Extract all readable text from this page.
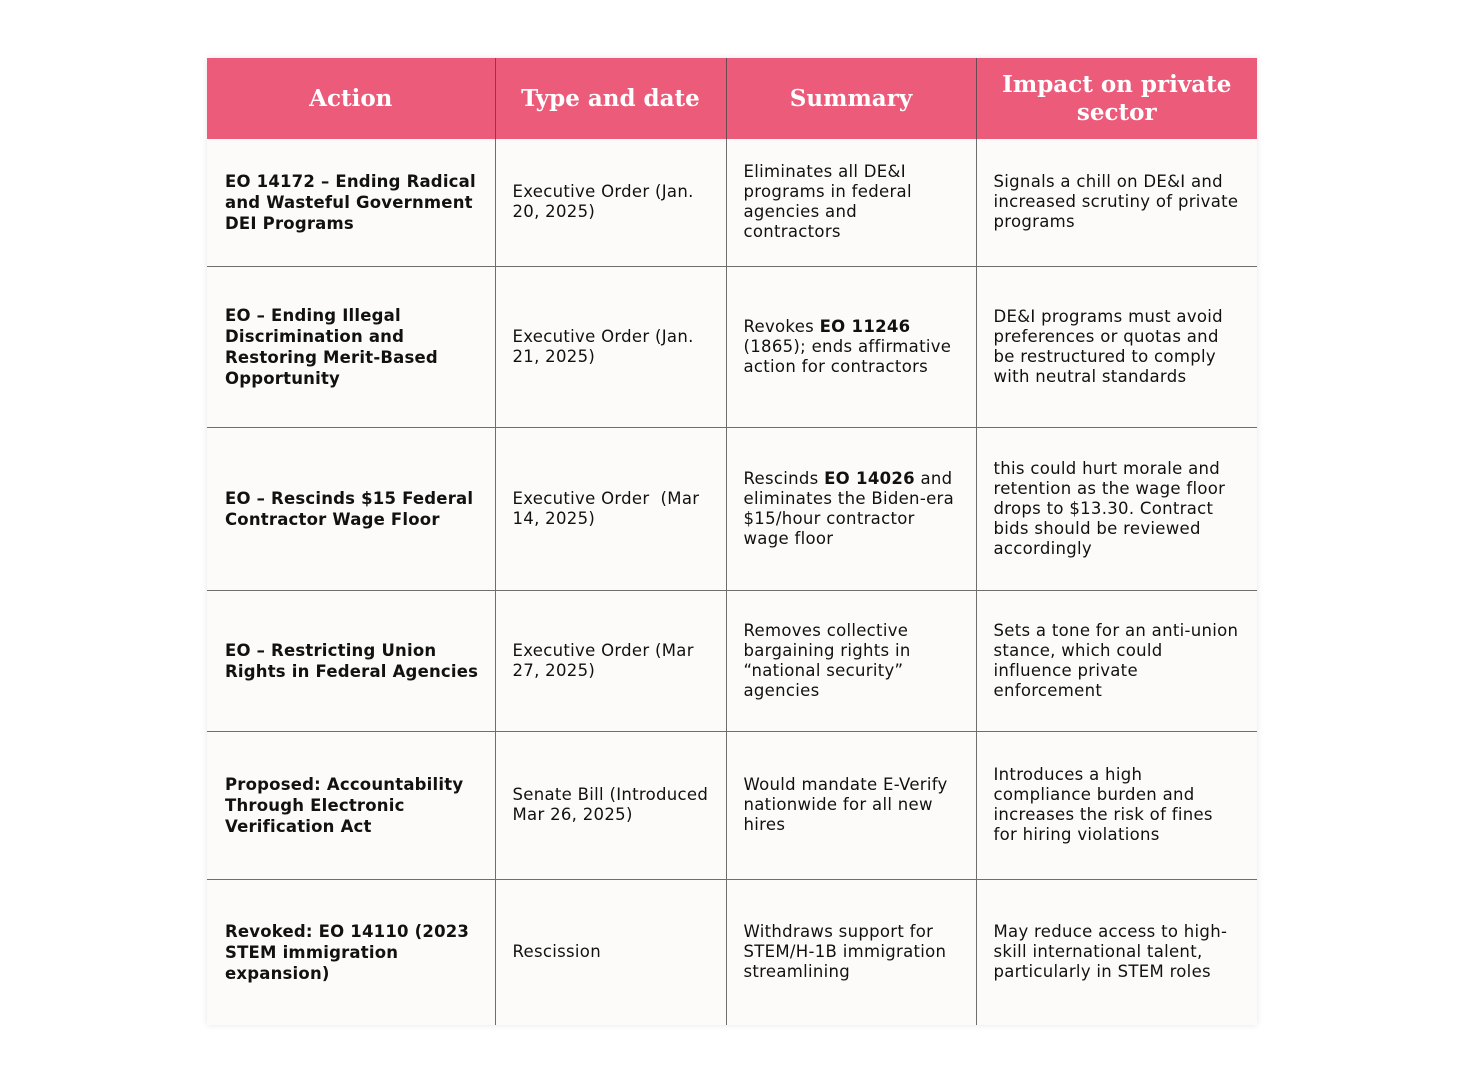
Action	Type and date	Summary	Impact on private sector
EO 14172 – Ending Radical and Wasteful Government DEI Programs	Executive Order (Jan. 20, 2025)	Eliminates all DE&I programs in federal agencies and contractors	Signals a chill on DE&I and increased scrutiny of private programs
EO – Ending Illegal Discrimination and Restoring Merit-Based Opportunity	Executive Order (Jan. 21, 2025)	Revokes EO 11246 (1865); ends affirmative action for contractors	DE&I programs must avoid preferences or quotas and be restructured to comply with neutral standards
EO – Rescinds $15 Federal Contractor Wage Floor	Executive Order  (Mar 14, 2025)	Rescinds EO 14026 and eliminates the Biden-era $15/hour contractor wage floor	this could hurt morale and retention as the wage floor drops to $13.30. Contract bids should be reviewed accordingly
EO – Restricting Union Rights in Federal Agencies	Executive Order (Mar 27, 2025)	Removes collective bargaining rights in “national security” agencies	Sets a tone for an anti-union stance, which could influence private enforcement
Proposed: Accountability Through Electronic Verification Act	Senate Bill (Introduced Mar 26, 2025)	Would mandate E-Verify nationwide for all new hires	Introduces a high compliance burden and increases the risk of fines for hiring violations
Revoked: EO 14110 (2023 STEM immigration expansion)	Rescission	Withdraws support for STEM/H-1B immigration streamlining	May reduce access to high-skill international talent, particularly in STEM roles
